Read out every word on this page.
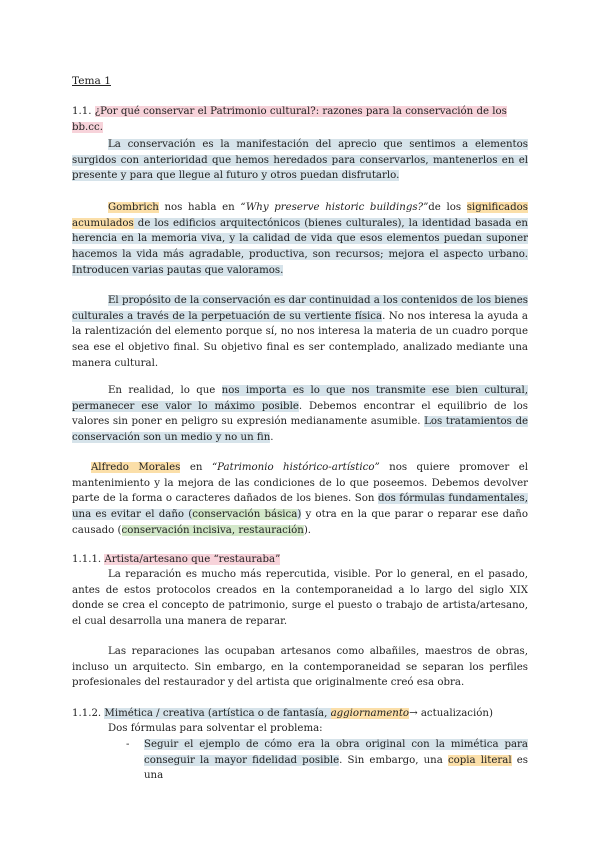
Tema 1
1.1. ¿Por qué conservar el Patrimonio cultural?: razones para la conservación de los bb.cc.
La conservación es la manifestación del aprecio que sentimos a elementos surgidos con anterioridad que hemos heredados para conservarlos, mantenerlos en el presente y para que llegue al futuro y otros puedan disfrutarlo.
Gombrich nos habla en “Why preserve historic buildings?”de los significados acumulados de los edificios arquitectónicos (bienes culturales), la identidad basada en herencia en la memoria viva, y la calidad de vida que esos elementos puedan suponer hacemos la vida más agradable, productiva, son recursos; mejora el aspecto urbano. Introducen varias pautas que valoramos.
El propósito de la conservación es dar continuidad a los contenidos de los bienes culturales a través de la perpetuación de su vertiente física. No nos interesa la ayuda a la ralentización del elemento porque sí, no nos interesa la materia de un cuadro porque sea ese el objetivo final. Su objetivo final es ser contemplado, analizado mediante una manera cultural.
En realidad, lo que nos importa es lo que nos transmite ese bien cultural, permanecer ese valor lo máximo posible. Debemos encontrar el equilibrio de los valores sin poner en peligro su expresión medianamente asumible. Los tratamientos de conservación son un medio y no un fin.
Alfredo Morales en “Patrimonio histórico-artístico” nos quiere promover el mantenimiento y la mejora de las condiciones de lo que poseemos. Debemos devolver parte de la forma o caracteres dañados de los bienes. Son dos fórmulas fundamentales, una es evitar el daño (conservación básica) y otra en la que parar o reparar ese daño causado (conservación incisiva, restauración).
1.1.1. Artista/artesano que “restauraba”
La reparación es mucho más repercutida, visible. Por lo general, en el pasado, antes de estos protocolos creados en la contemporaneidad a lo largo del siglo XIX donde se crea el concepto de patrimonio, surge el puesto o trabajo de artista/artesano, el cual desarrolla una manera de reparar.
Las reparaciones las ocupaban artesanos como albañiles, maestros de obras, incluso un arquitecto. Sin embargo, en la contemporaneidad se separan los perfiles profesionales del restaurador y del artista que originalmente creó esa obra.
1.1.2. Mimética / creativa (artística o de fantasía, aggiornamento→ actualización)
Dos fórmulas para solventar el problema:
-	Seguir el ejemplo de cómo era la obra original con la mimética para conseguir la mayor fidelidad posible. Sin embargo, una copia literal es una
